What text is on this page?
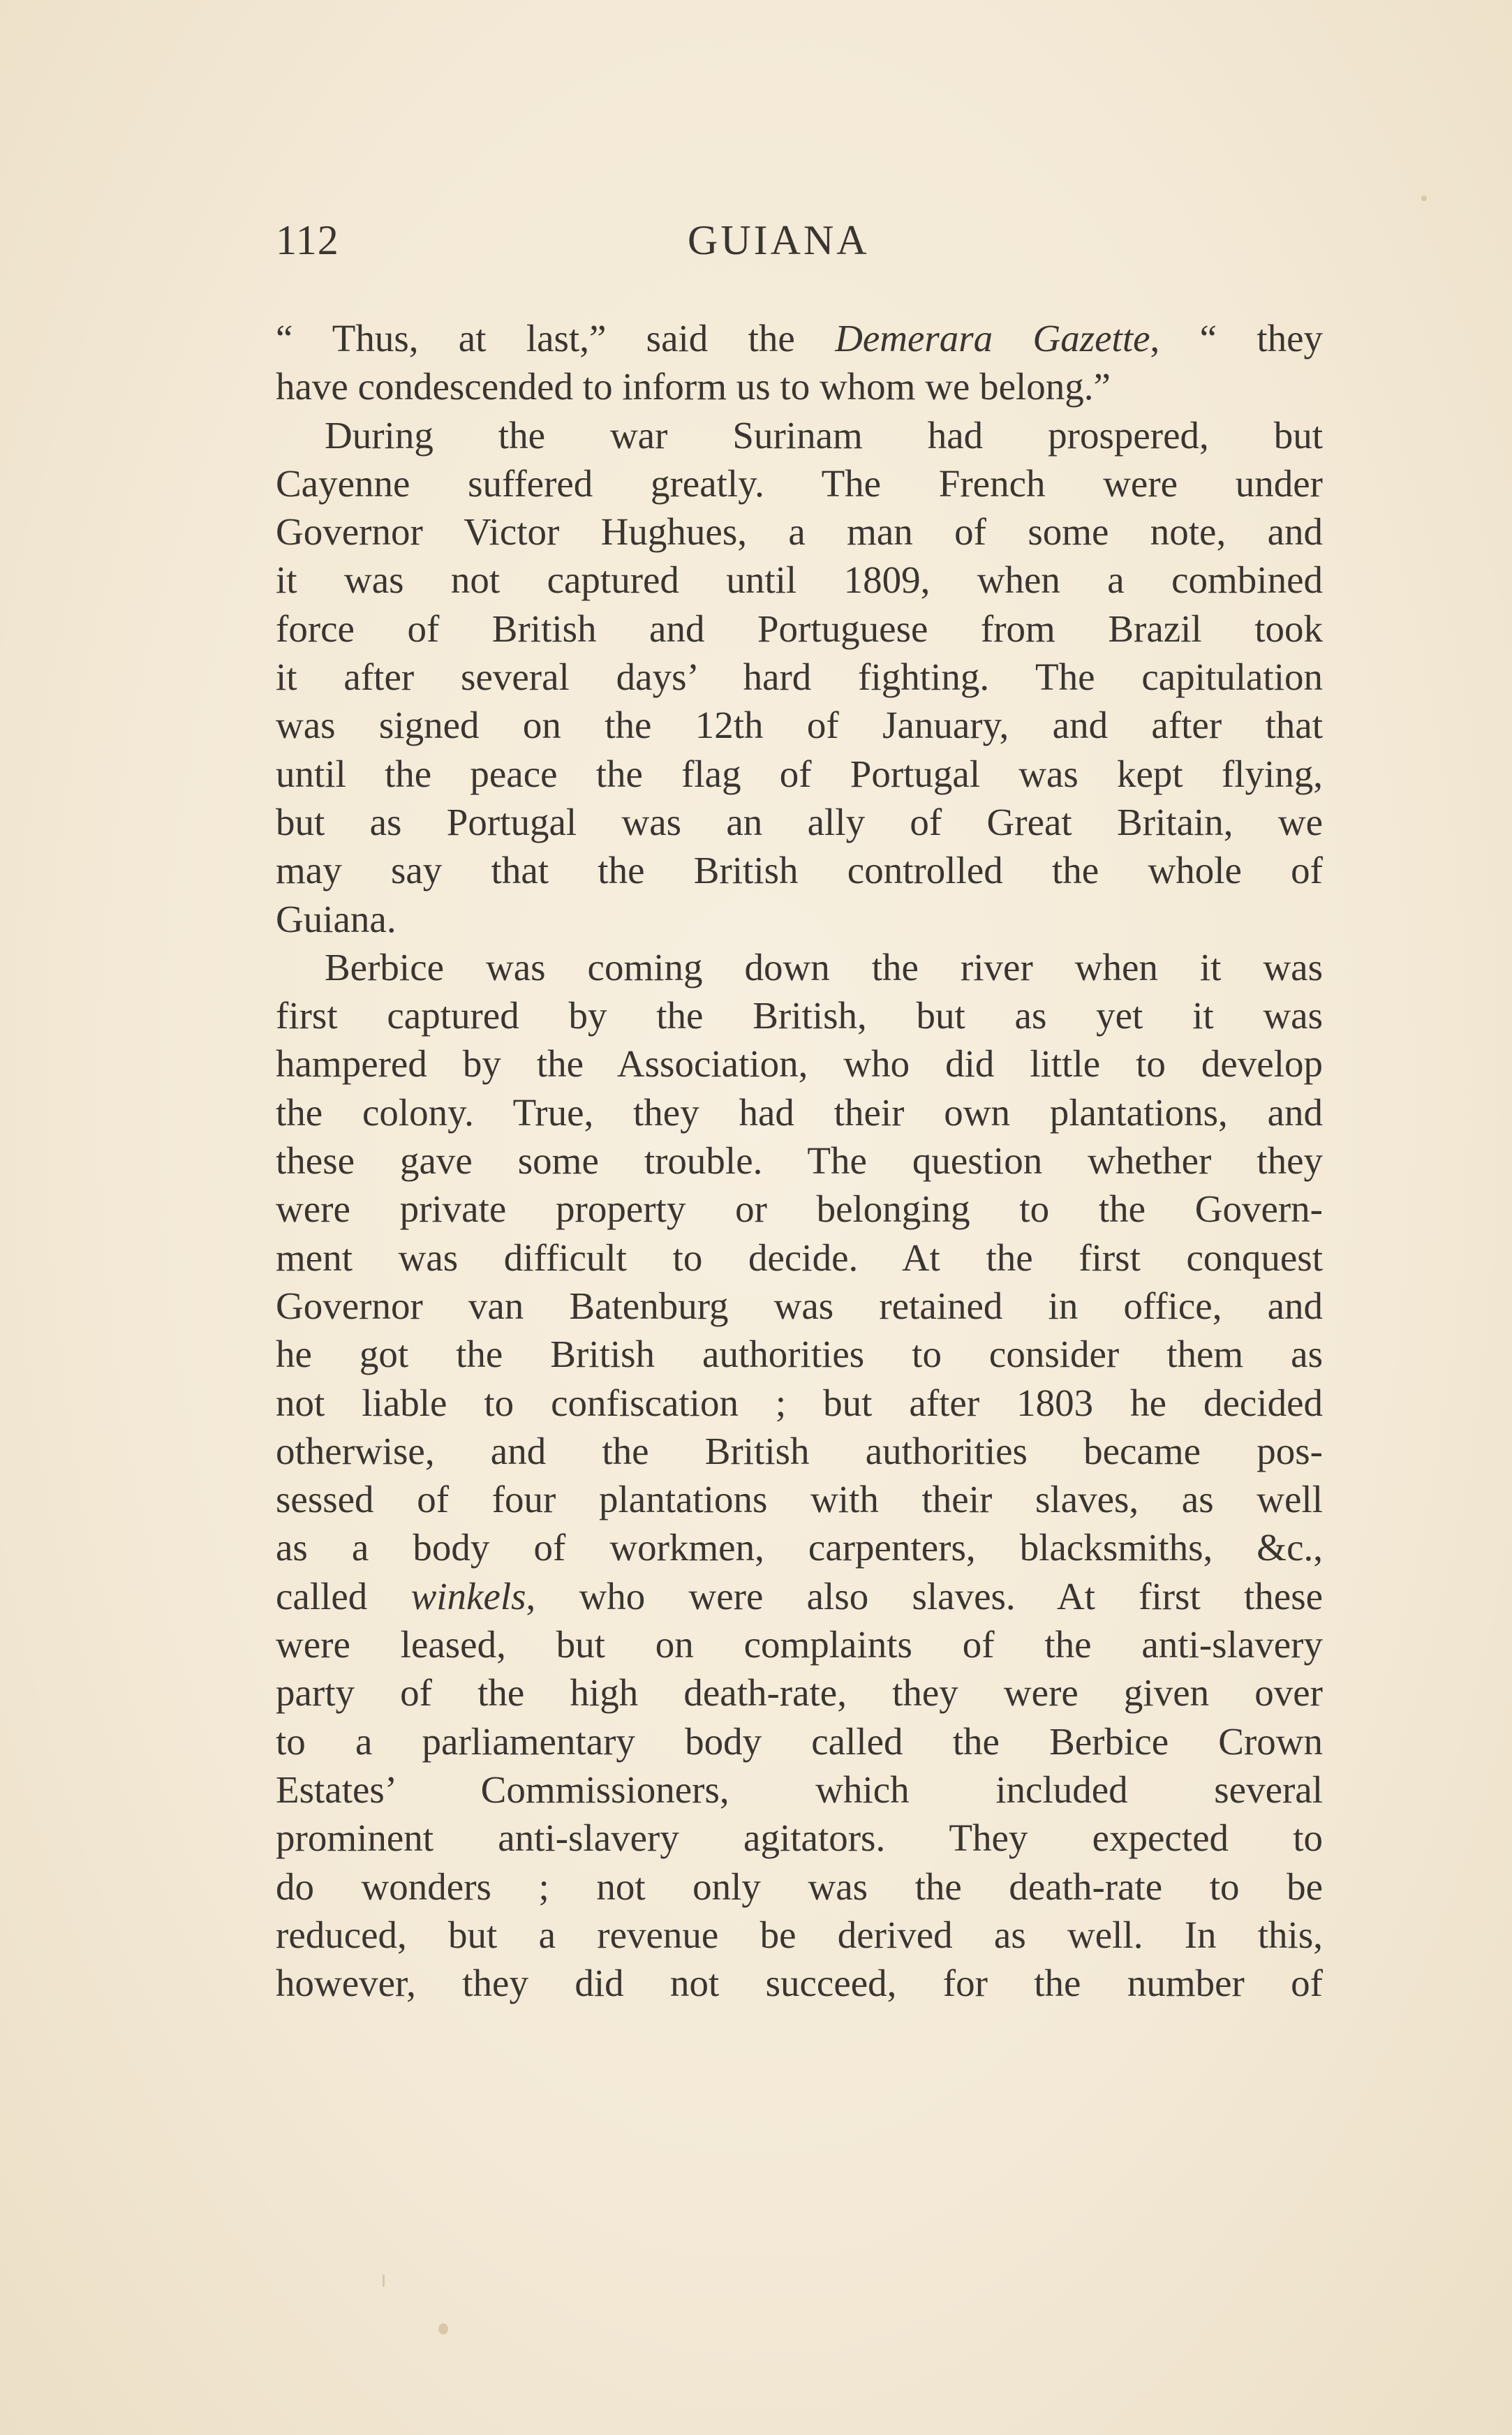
112	GUIANA
“ Thus, at last,” said the Demerara Gazette, “ they
have condescended to inform us to whom we belong.”
During the war Surinam had prospered, but
Cayenne suffered greatly. The French were under
Governor Victor Hughues, a man of some note, and
it was not captured until 1809, when a combined
force of British and Portuguese from Brazil took
it after several days’ hard fighting. The capitulation
was signed on the 12th of January, and after that
until the peace the flag of Portugal was kept flying,
but as Portugal was an ally of Great Britain, we
may say that the British controlled the whole of
Guiana.
Berbice was coming down the river when it was
first captured by the British, but as yet it was
hampered by the Association, who did little to develop
the colony. True, they had their own plantations, and
these gave some trouble. The question whether they
were private property or belonging to the Govern-
ment was difficult to decide. At the first conquest
Governor van Batenburg was retained in office, and
he got the British authorities to consider them as
not liable to confiscation ; but after 1803 he decided
otherwise, and the British authorities became pos-
sessed of four plantations with their slaves, as well
as a body of workmen, carpenters, blacksmiths, &c.,
called winkels, who were also slaves. At first these
were leased, but on complaints of the anti-slavery
party of the high death-rate, they were given over
to a parliamentary body called the Berbice Crown
Estates’ Commissioners, which included several
prominent anti-slavery agitators. They expected to
do wonders ; not only was the death-rate to be
reduced, but a revenue be derived as well. In this,
however, they did not succeed, for the number of
